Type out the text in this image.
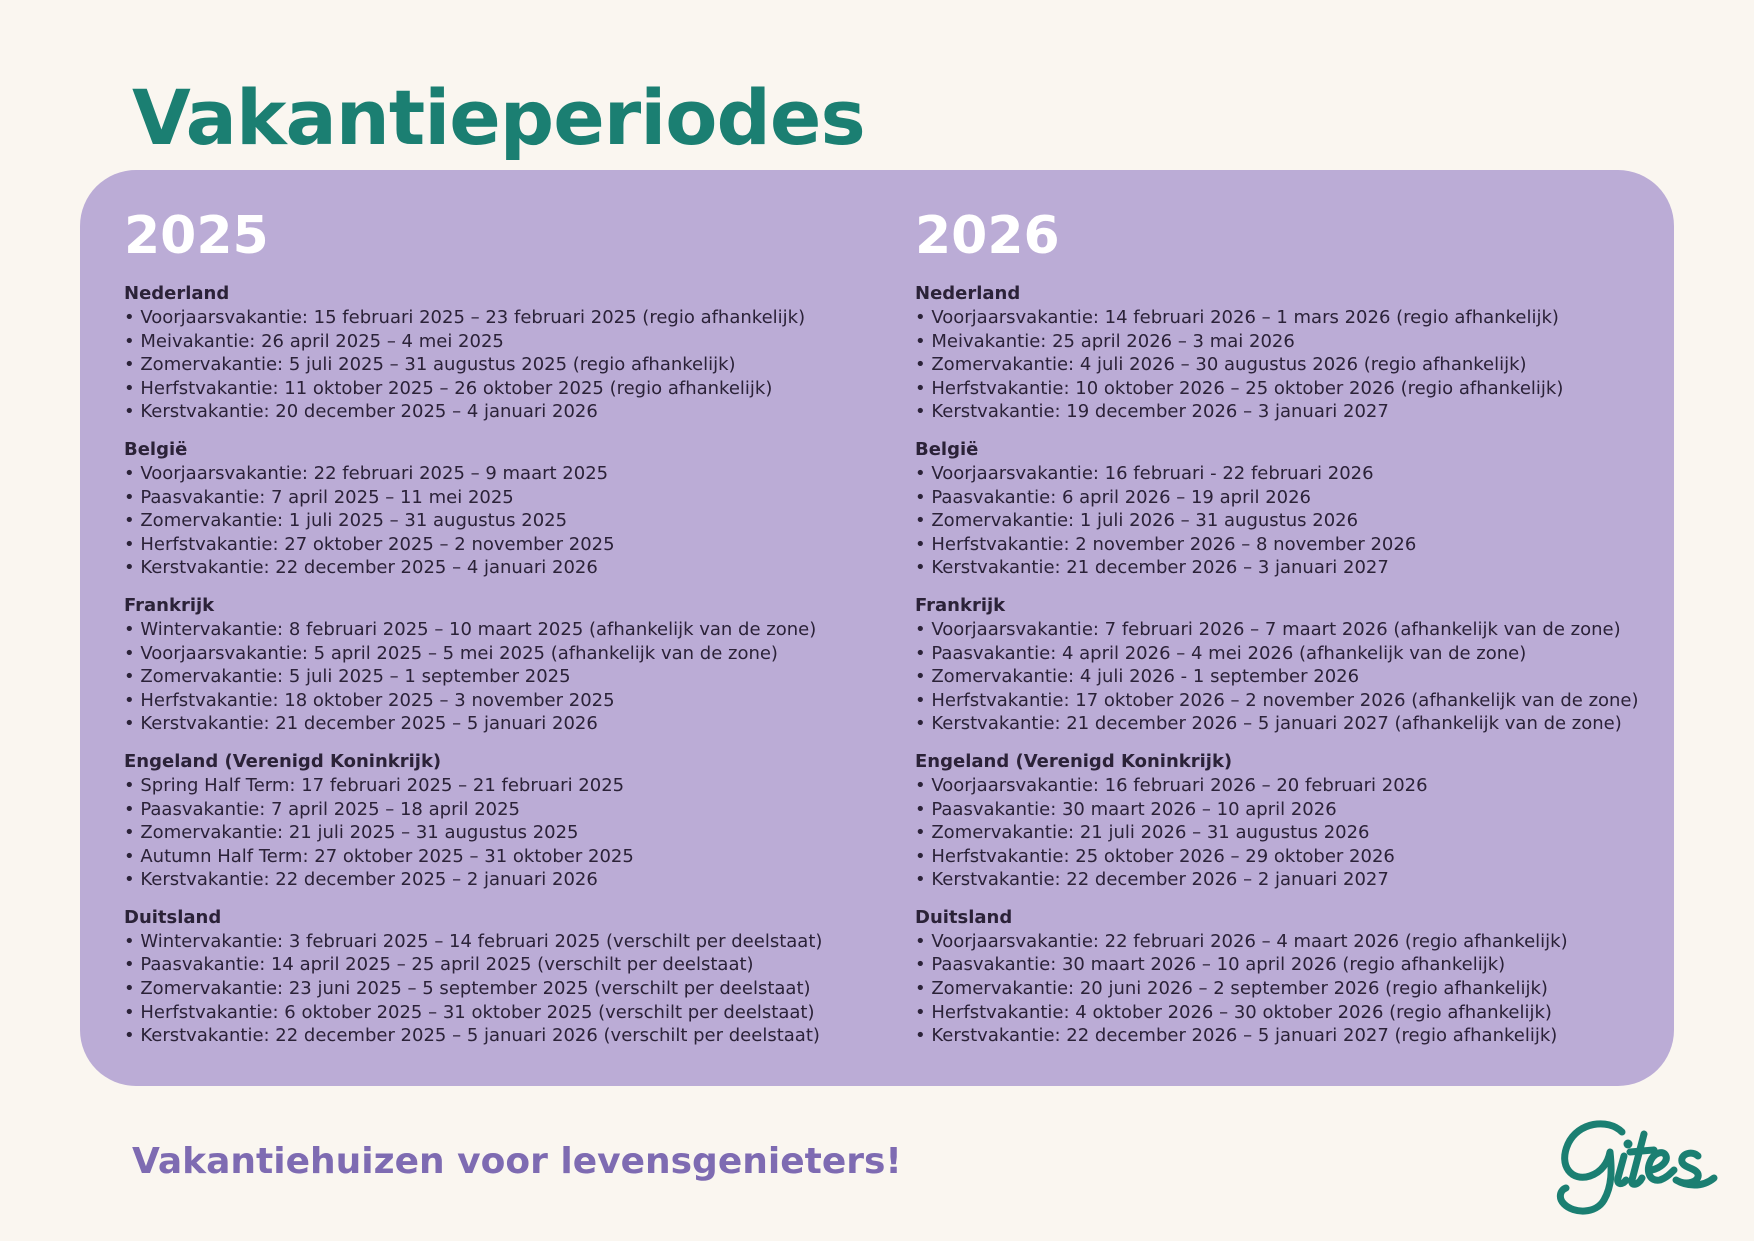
Vakantieperiodes
2025
Nederland
• Voorjaarsvakantie: 15 februari 2025 – 23 februari 2025 (regio afhankelijk)
• Meivakantie: 26 april 2025 – 4 mei 2025
• Zomervakantie: 5 juli 2025 – 31 augustus 2025 (regio afhankelijk)
• Herfstvakantie: 11 oktober 2025 – 26 oktober 2025 (regio afhankelijk)
• Kerstvakantie: 20 december 2025 – 4 januari 2026
België
• Voorjaarsvakantie: 22 februari 2025 – 9 maart 2025
• Paasvakantie: 7 april 2025 – 11 mei 2025
• Zomervakantie: 1 juli 2025 – 31 augustus 2025
• Herfstvakantie: 27 oktober 2025 – 2 november 2025
• Kerstvakantie: 22 december 2025 – 4 januari 2026
Frankrijk
• Wintervakantie: 8 februari 2025 – 10 maart 2025 (afhankelijk van de zone)
• Voorjaarsvakantie: 5 april 2025 – 5 mei 2025 (afhankelijk van de zone)
• Zomervakantie: 5 juli 2025 – 1 september 2025
• Herfstvakantie: 18 oktober 2025 – 3 november 2025
• Kerstvakantie: 21 december 2025 – 5 januari 2026
Engeland (Verenigd Koninkrijk)
• Spring Half Term: 17 februari 2025 – 21 februari 2025
• Paasvakantie: 7 april 2025 – 18 april 2025
• Zomervakantie: 21 juli 2025 – 31 augustus 2025
• Autumn Half Term: 27 oktober 2025 – 31 oktober 2025
• Kerstvakantie: 22 december 2025 – 2 januari 2026
Duitsland
• Wintervakantie: 3 februari 2025 – 14 februari 2025 (verschilt per deelstaat)
• Paasvakantie: 14 april 2025 – 25 april 2025 (verschilt per deelstaat)
• Zomervakantie: 23 juni 2025 – 5 september 2025 (verschilt per deelstaat)
• Herfstvakantie: 6 oktober 2025 – 31 oktober 2025 (verschilt per deelstaat)
• Kerstvakantie: 22 december 2025 – 5 januari 2026 (verschilt per deelstaat)
2026
Nederland
• Voorjaarsvakantie: 14 februari 2026 – 1 mars 2026 (regio afhankelijk)
• Meivakantie: 25 april 2026 – 3 mai 2026
• Zomervakantie: 4 juli 2026 – 30 augustus 2026 (regio afhankelijk)
• Herfstvakantie: 10 oktober 2026 – 25 oktober 2026 (regio afhankelijk)
• Kerstvakantie: 19 december 2026 – 3 januari 2027
België
• Voorjaarsvakantie: 16 februari - 22 februari 2026
• Paasvakantie: 6 april 2026 – 19 april 2026
• Zomervakantie: 1 juli 2026 – 31 augustus 2026
• Herfstvakantie: 2 november 2026 – 8 november 2026
• Kerstvakantie: 21 december 2026 – 3 januari 2027
Frankrijk
• Voorjaarsvakantie: 7 februari 2026 – 7 maart 2026 (afhankelijk van de zone)
• Paasvakantie: 4 april 2026 – 4 mei 2026 (afhankelijk van de zone)
• Zomervakantie: 4 juli 2026 - 1 september 2026
• Herfstvakantie: 17 oktober 2026 – 2 november 2026 (afhankelijk van de zone)
• Kerstvakantie: 21 december 2026 – 5 januari 2027 (afhankelijk van de zone)
Engeland (Verenigd Koninkrijk)
• Voorjaarsvakantie: 16 februari 2026 – 20 februari 2026
• Paasvakantie: 30 maart 2026 – 10 april 2026
• Zomervakantie: 21 juli 2026 – 31 augustus 2026
• Herfstvakantie: 25 oktober 2026 – 29 oktober 2026
• Kerstvakantie: 22 december 2026 – 2 januari 2027
Duitsland
• Voorjaarsvakantie: 22 februari 2026 – 4 maart 2026 (regio afhankelijk)
• Paasvakantie: 30 maart 2026 – 10 april 2026 (regio afhankelijk)
• Zomervakantie: 20 juni 2026 – 2 september 2026 (regio afhankelijk)
• Herfstvakantie: 4 oktober 2026 – 30 oktober 2026 (regio afhankelijk)
• Kerstvakantie: 22 december 2026 – 5 januari 2027 (regio afhankelijk)
Vakantiehuizen voor levensgenieters!
